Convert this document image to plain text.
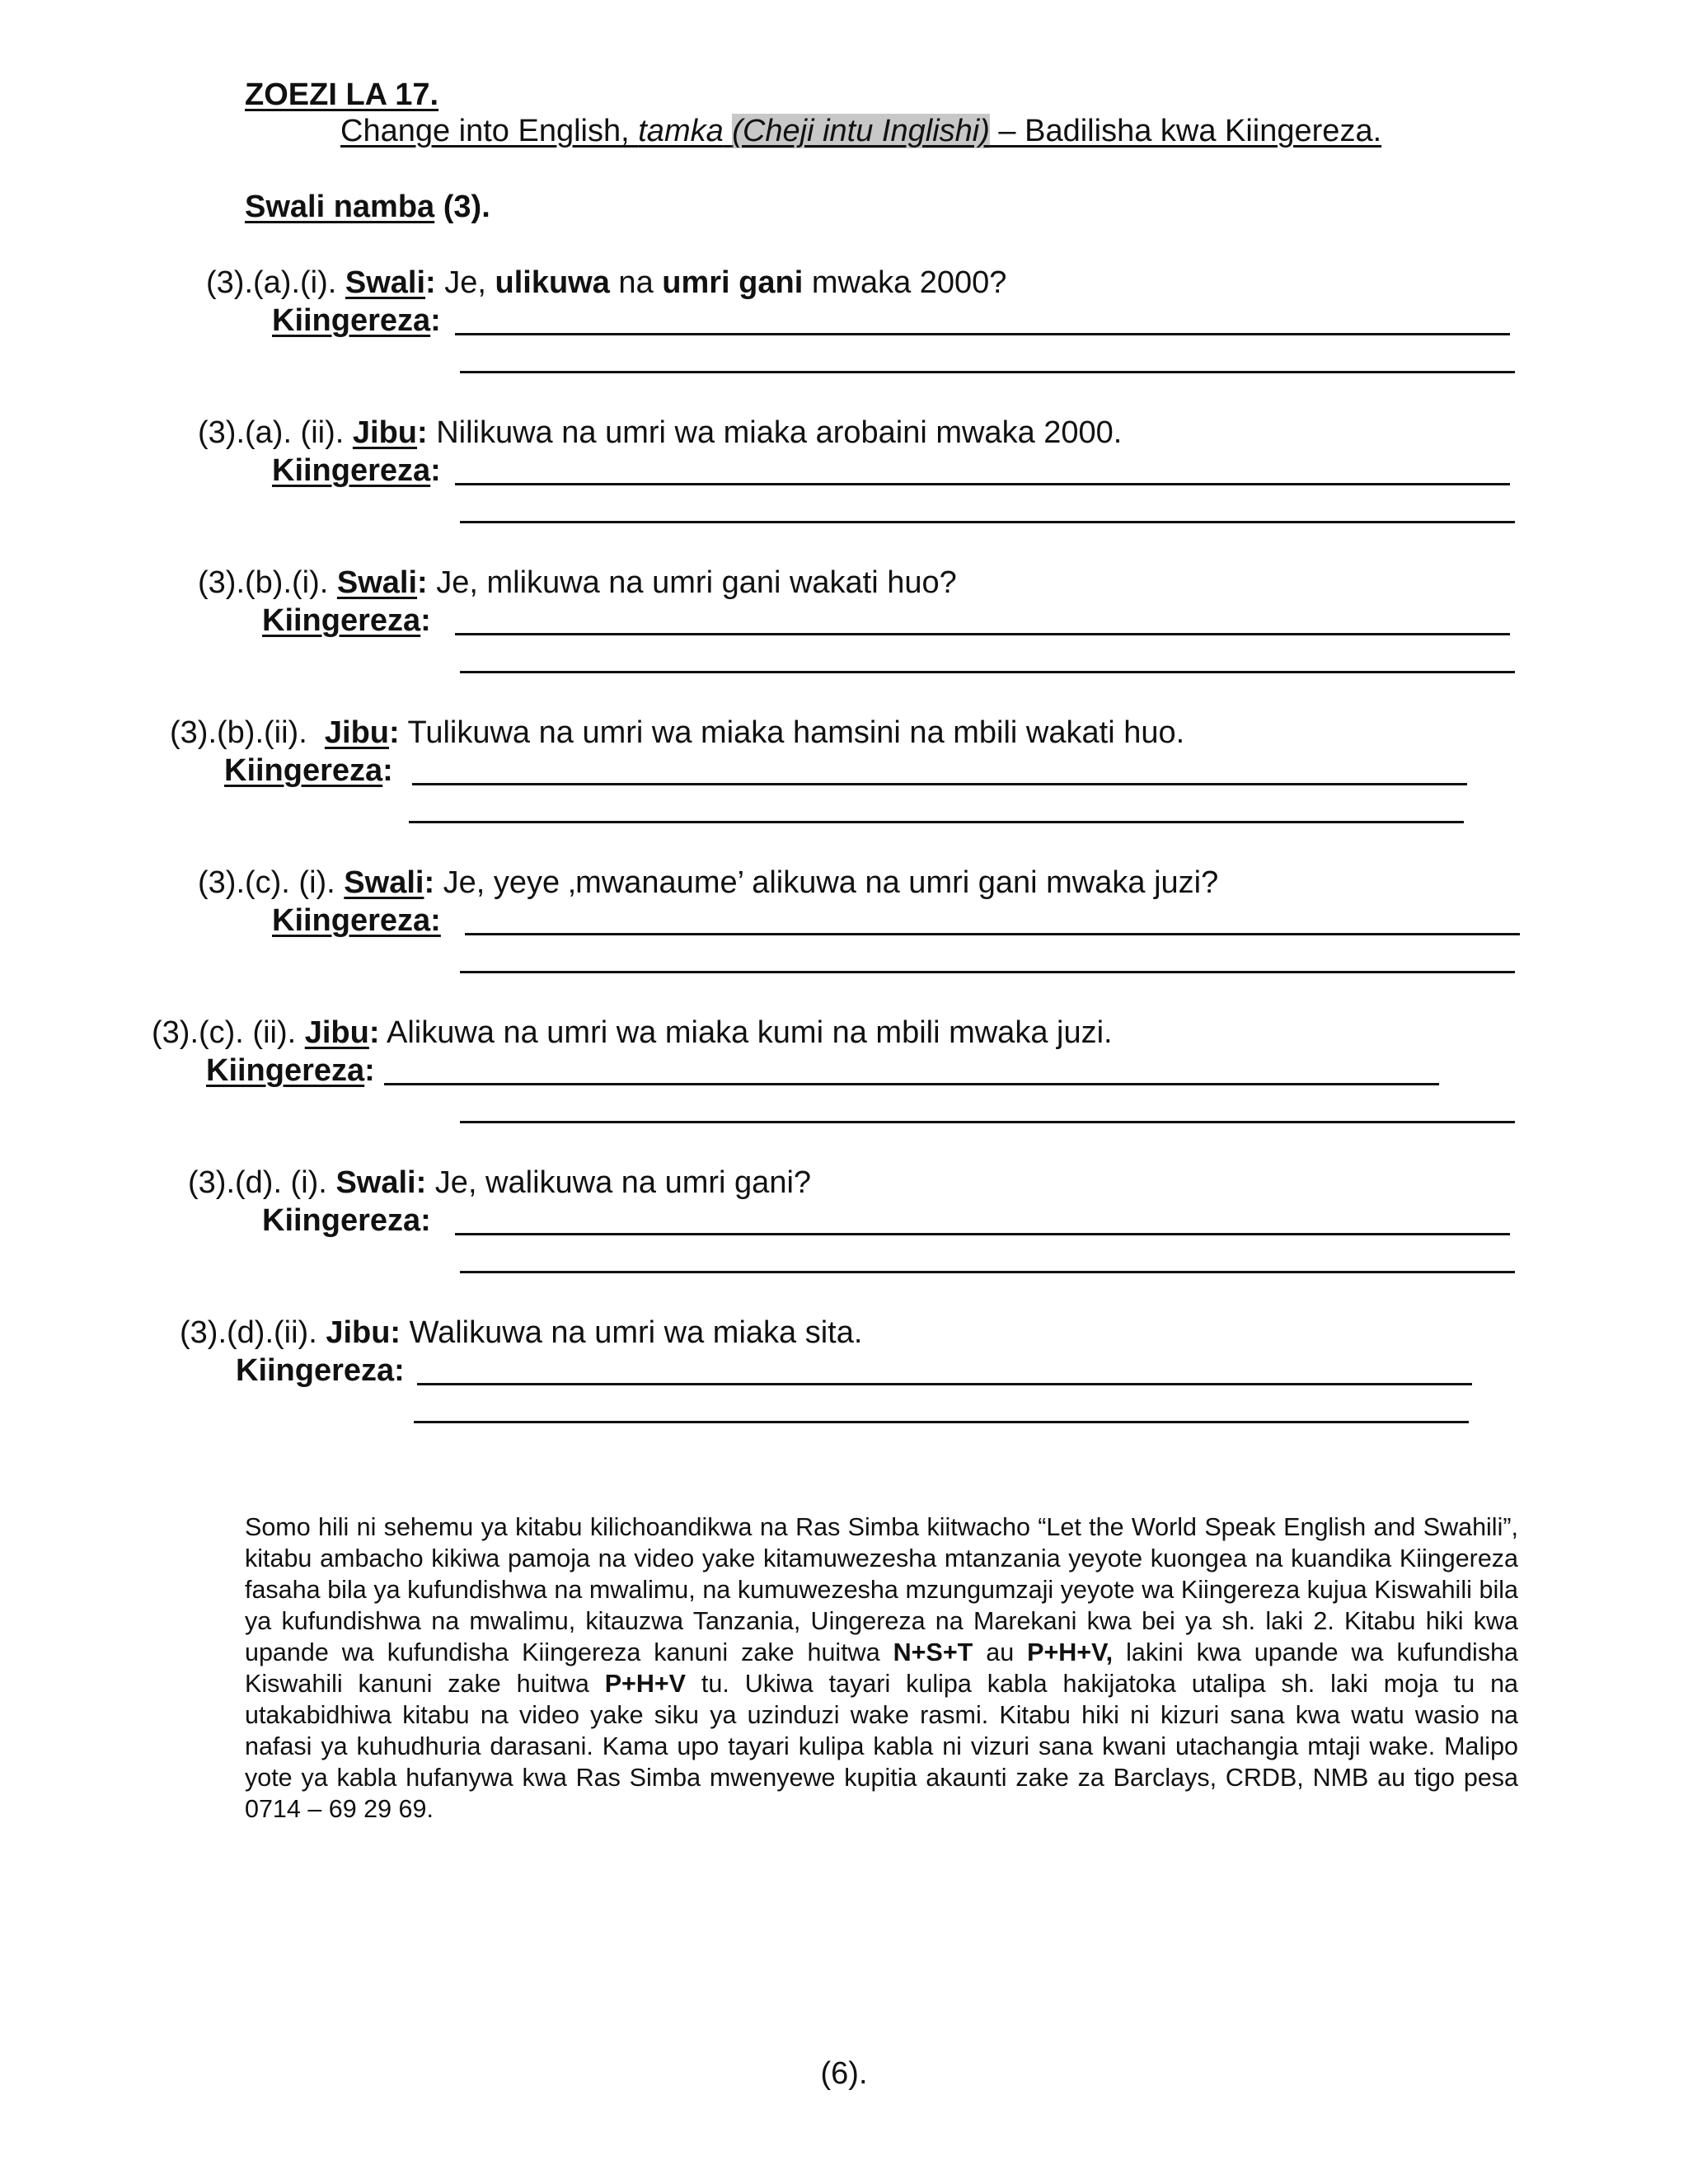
ZOEZI LA 17.
Change into English, tamka (Cheji intu Inglishi) – Badilisha kwa Kiingereza.
Swali namba (3).
(3).(a).(i). Swali: Je, ulikuwa na umri gani mwaka 2000?
Kiingereza:
(3).(a). (ii). Jibu: Nilikuwa na umri wa miaka arobaini mwaka 2000.
Kiingereza:
(3).(b).(i). Swali: Je, mlikuwa na umri gani wakati huo?
Kiingereza:
(3).(b).(ii).  Jibu: Tulikuwa na umri wa miaka hamsini na mbili wakati huo.
Kiingereza:
(3).(c). (i). Swali: Je, yeye ‚mwanaume’ alikuwa na umri gani mwaka juzi?
Kiingereza:
(3).(c). (ii). Jibu: Alikuwa na umri wa miaka kumi na mbili mwaka juzi.
Kiingereza:
(3).(d). (i). Swali: Je, walikuwa na umri gani?
Kiingereza:
(3).(d).(ii). Jibu: Walikuwa na umri wa miaka sita.
Kiingereza:
Somo hili ni sehemu ya kitabu kilichoandikwa na Ras Simba kiitwacho “Let the World Speak English and Swahili”, kitabu ambacho kikiwa pamoja na video yake kitamuwezesha mtanzania yeyote kuongea na kuandika Kiingereza fasaha bila ya kufundishwa na mwalimu, na kumuwezesha mzungumzaji yeyote wa Kiingereza kujua Kiswahili bila ya kufundishwa na mwalimu, kitauzwa Tanzania, Uingereza na Marekani kwa bei ya sh. laki 2. Kitabu hiki kwa upande wa kufundisha Kiingereza kanuni zake huitwa N+S+T au P+H+V, lakini kwa upande wa kufundisha Kiswahili kanuni zake huitwa P+H+V tu. Ukiwa tayari kulipa kabla hakijatoka utalipa sh. laki moja tu na utakabidhiwa kitabu na video yake siku ya uzinduzi wake rasmi. Kitabu hiki ni kizuri sana kwa watu wasio na nafasi ya kuhudhuria darasani. Kama upo tayari kulipa kabla ni vizuri sana kwani utachangia mtaji wake. Malipo yote ya kabla hufanywa kwa Ras Simba mwenyewe kupitia akaunti zake za Barclays, CRDB, NMB au tigo pesa 0714 – 69 29 69.
(6).
